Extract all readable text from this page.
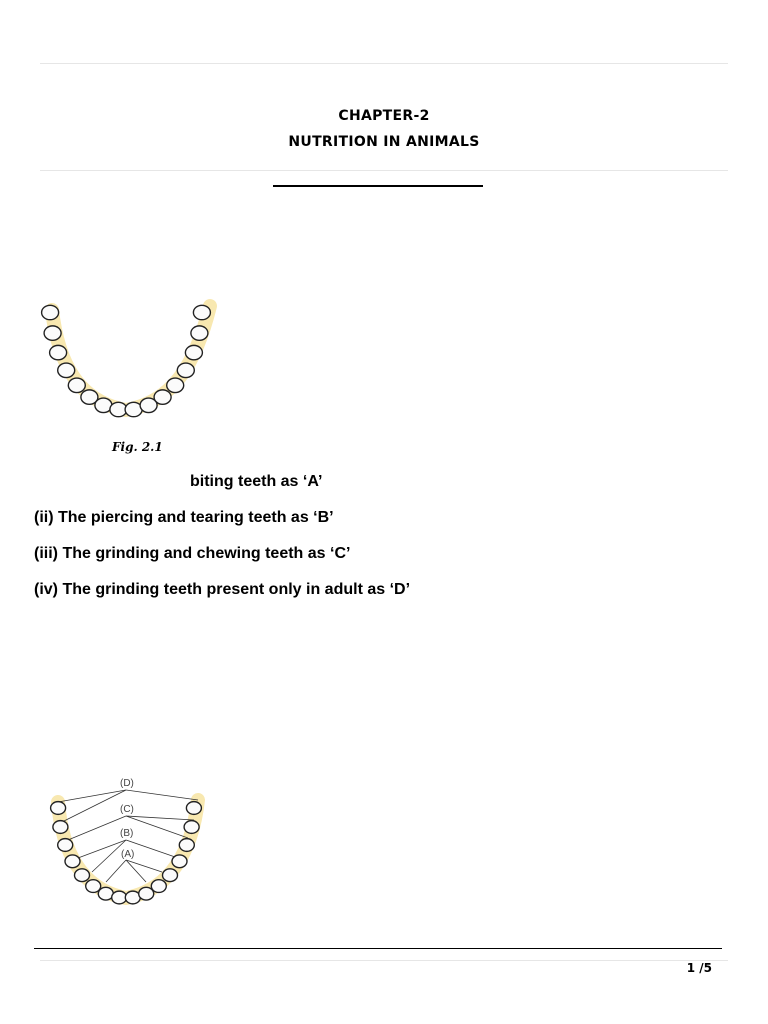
CHAPTER-2
NUTRITION IN ANIMALS
Fig. 2.1
biting teeth as ‘A’
(ii) The piercing and tearing teeth as ‘B’
(iii) The grinding and chewing teeth as ‘C’
(iv) The grinding teeth present only in adult as ‘D’
(D)
(C)
(B)
(A)
1 /5
